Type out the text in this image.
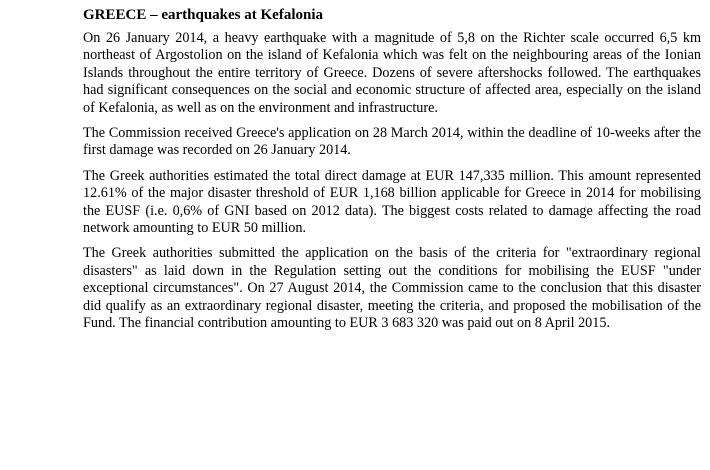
GREECE – earthquakes at Kefalonia

On 26 January 2014, a heavy earthquake with a magnitude of 5,8 on the Richter scale occurred 6,5 km northeast of Argostolion on the island of Kefalonia which was felt on the neighbouring areas of the Ionian Islands throughout the entire territory of Greece. Dozens of severe aftershocks followed. The earthquakes had significant consequences on the social and economic structure of affected area, especially on the island of Kefalonia, as well as on the environment and infrastructure.

The Commission received Greece's application on 28 March 2014, within the deadline of 10-weeks after the first damage was recorded on 26 January 2014.

The Greek authorities estimated the total direct damage at EUR 147,335 million. This amount represented 12.61% of the major disaster threshold of EUR 1,168 billion applicable for Greece in 2014 for mobilising the EUSF (i.e. 0,6% of GNI based on 2012 data). The biggest costs related to damage affecting the road network amounting to EUR 50 million.

The Greek authorities submitted the application on the basis of the criteria for "extraordinary regional disasters" as laid down in the Regulation setting out the conditions for mobilising the EUSF "under exceptional circumstances". On 27 August 2014, the Commission came to the conclusion that this disaster did qualify as an extraordinary regional disaster, meeting the criteria, and proposed the mobilisation of the Fund. The financial contribution amounting to EUR 3 683 320 was paid out on 8 April 2015.
